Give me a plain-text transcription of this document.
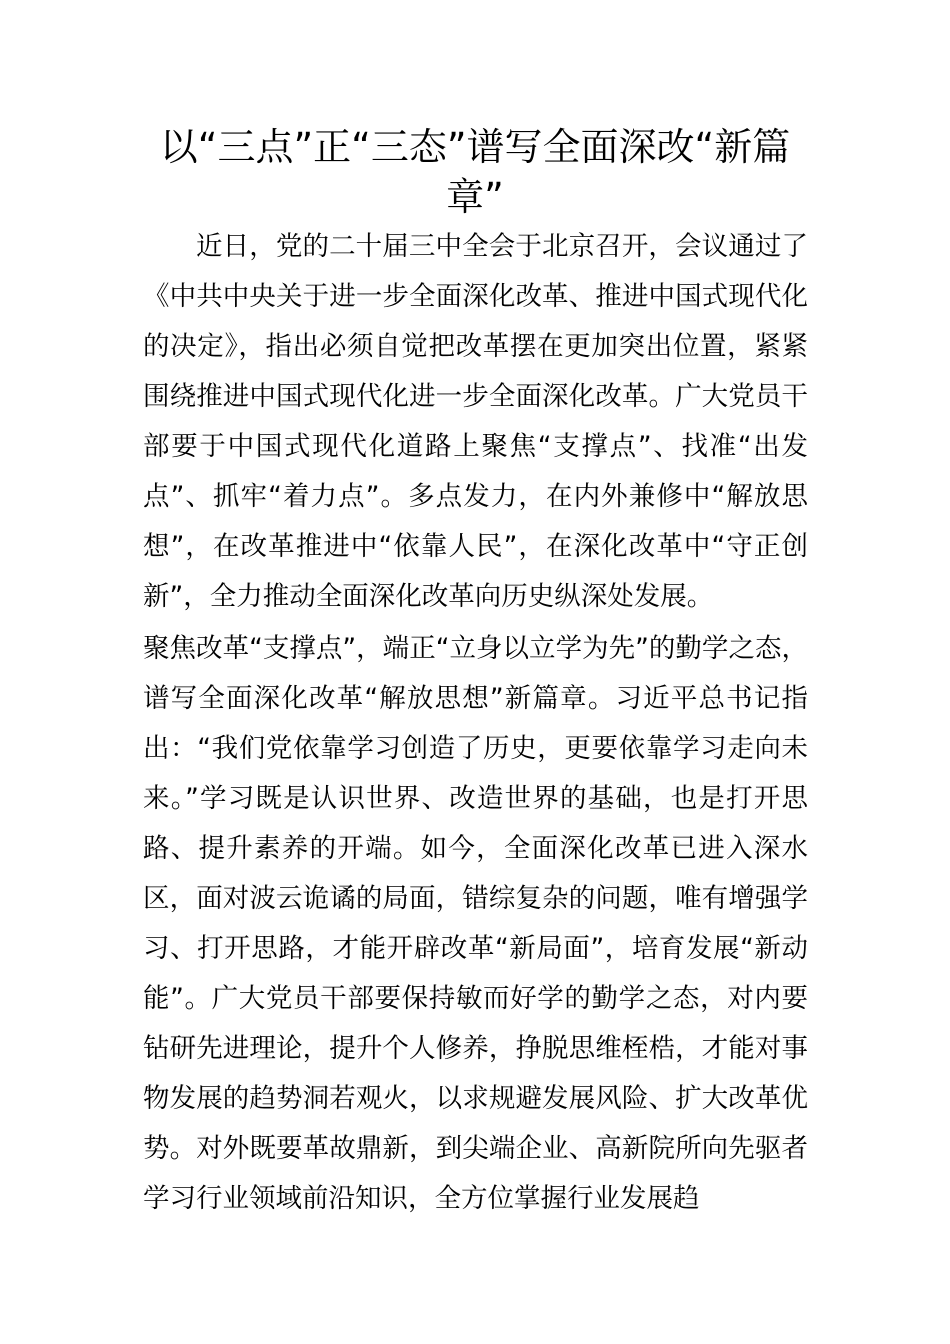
以“三点”正“三态”谱写全面深改“新篇章”

近日，党的二十届三中全会于北京召开，会议通过了《中共中央关于进一步全面深化改革、推进中国式现代化的决定》，指出必须自觉把改革摆在更加突出位置，紧紧围绕推进中国式现代化进一步全面深化改革。广大党员干部要于中国式现代化道路上聚焦“支撑点”、找准“出发点”、抓牢“着力点”。多点发力，在内外兼修中“解放思想”，在改革推进中“依靠人民”，在深化改革中“守正创新”，全力推动全面深化改革向历史纵深处发展。

聚焦改革“支撑点”，端正“立身以立学为先”的勤学之态，谱写全面深化改革“解放思想”新篇章。习近平总书记指出：“我们党依靠学习创造了历史，更要依靠学习走向未来。”学习既是认识世界、改造世界的基础，也是打开思路、提升素养的开端。如今，全面深化改革已进入深水区，面对波云诡谲的局面，错综复杂的问题，唯有增强学习、打开思路，才能开辟改革“新局面”，培育发展“新动能”。广大党员干部要保持敏而好学的勤学之态，对内要钻研先进理论，提升个人修养，挣脱思维桎梏，才能对事物发展的趋势洞若观火，以求规避发展风险、扩大改革优势。对外既要革故鼎新，到尖端企业、高新院所向先驱者学习行业领域前沿知识，全方位掌握行业发展趋
